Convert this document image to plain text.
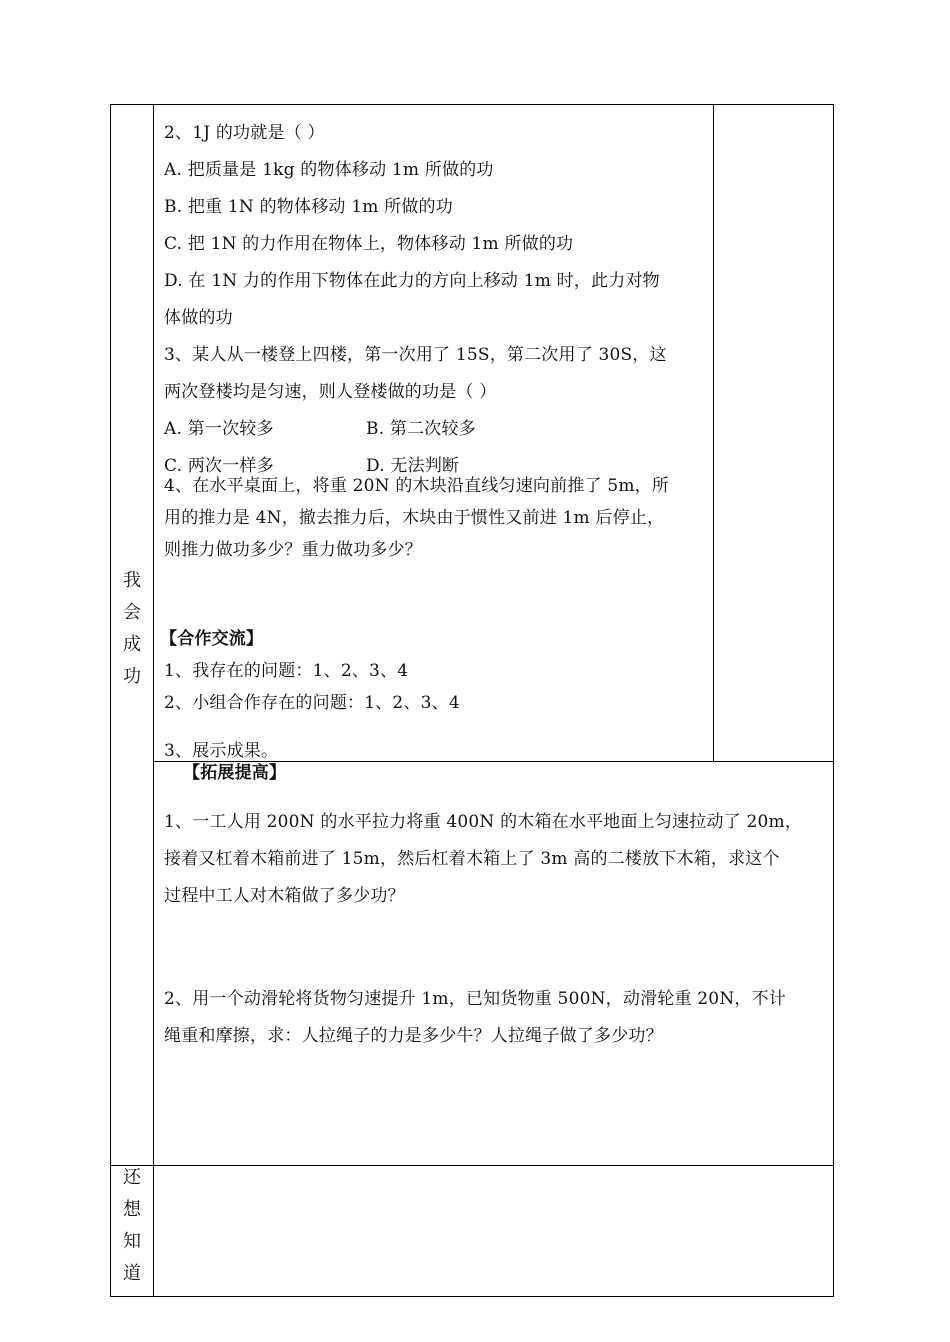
我
会
成
功
还
想
知
道
2、1J 的功就是（ ）
A. 把质量是 1kg 的物体移动 1m 所做的功
B. 把重 1N 的物体移动 1m 所做的功
C. 把 1N 的力作用在物体上，物体移动 1m 所做的功
D. 在 1N 力的作用下物体在此力的方向上移动 1m 时，此力对物
体做的功
3、某人从一楼登上四楼，第一次用了 15S，第二次用了 30S，这
两次登楼均是匀速，则人登楼做的功是（ ）
A. 第一次较多	B. 第二次较多
C. 两次一样多	D. 无法判断
4、在水平桌面上，将重 20N 的木块沿直线匀速向前推了 5m，所
用的推力是 4N，撤去推力后，木块由于惯性又前进 1m 后停止，
则推力做功多少？重力做功多少？
【合作交流】
1、我存在的问题：1、2、3、4
2、小组合作存在的问题：1、2、3、4
3、展示成果。
【拓展提高】
1、一工人用 200N 的水平拉力将重 400N 的木箱在水平地面上匀速拉动了 20m，
接着又杠着木箱前进了 15m，然后杠着木箱上了 3m 高的二楼放下木箱，求这个
过程中工人对木箱做了多少功？
2、用一个动滑轮将货物匀速提升 1m，已知货物重 500N，动滑轮重 20N，不计
绳重和摩擦，求：人拉绳子的力是多少牛？人拉绳子做了多少功？
